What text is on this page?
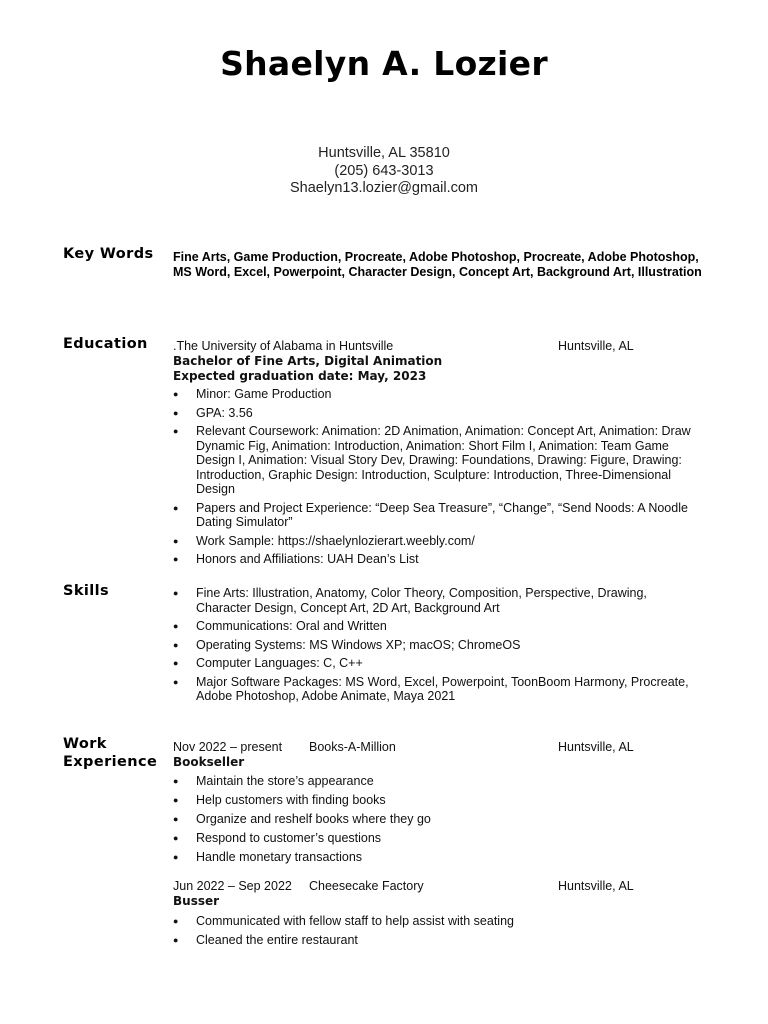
Shaelyn A. Lozier
Huntsville, AL 35810
(205) 643-3013
Shaelyn13.lozier@gmail.com
Key Words Fine Arts, Game Production, Procreate, Adobe Photoshop, Procreate, Adobe Photoshop, MS Word, Excel, Powerpoint, Character Design, Concept Art, Background Art, Illustration
Education .The University of Alabama in Huntsville	Huntsville, AL
Bachelor of Fine Arts, Digital Animation
Expected graduation date: May, 2023
● Minor: Game Production
● GPA: 3.56
● Relevant Coursework: Animation: 2D Animation, Animation: Concept Art, Animation: Draw Dynamic Fig, Animation: Introduction, Animation: Short Film I, Animation: Team Game Design I, Animation: Visual Story Dev, Drawing: Foundations, Drawing: Figure, Drawing: Introduction, Graphic Design: Introduction, Sculpture: Introduction, Three-Dimensional Design
● Papers and Project Experience: “Deep Sea Treasure”, “Change”, “Send Noods: A Noodle Dating Simulator”
● Work Sample: https://shaelynlozierart.weebly.com/
● Honors and Affiliations: UAH Dean’s List
Skills
●	Fine Arts: Illustration, Anatomy, Color Theory, Composition, Perspective, Drawing, Character Design, Concept Art, 2D Art, Background Art
● Communications: Oral and Written
● Operating Systems: MS Windows XP; macOS; ChromeOS
● Computer Languages: C, C++
● Major Software Packages: MS Word, Excel, Powerpoint, ToonBoom Harmony, Procreate, Adobe Photoshop, Adobe Animate, Maya 2021
Work
Experience
Nov 2022 – present Books-A-Million	Huntsville, AL
Bookseller
● Maintain the store’s appearance
● Help customers with finding books
● Organize and reshelf books where they go
● Respond to customer’s questions
● Handle monetary transactions
Jun 2022 – Sep 2022 Cheesecake Factory	Huntsville, AL
Busser
● Communicated with fellow staff to help assist with seating
● Cleaned the entire restaurant
